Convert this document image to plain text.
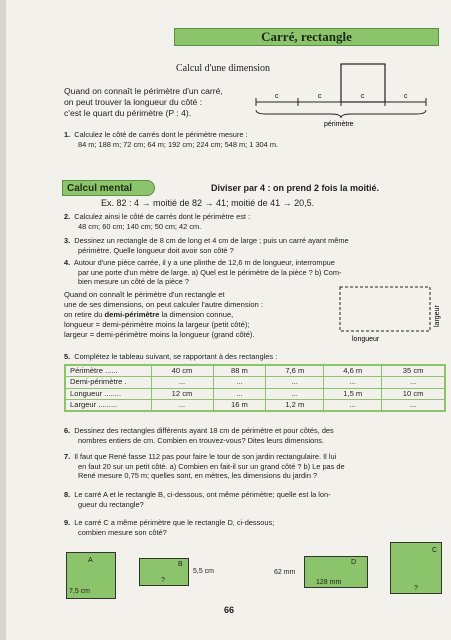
Carré, rectangle
Calcul d'une dimension
Quand on connaît le périmètre d'un carré,
on peut trouver la longueur du côté :
c'est le quart du périmètre (P : 4).
c	c	c	c
périmètre
1. Calculez le côté de carrés dont le périmètre mesure :
84 m; 188 m; 72 cm; 64 m; 192 cm; 224 cm; 548 m; 1 304 m.
Calcul mental	Diviser par 4 : on prend 2 fois la moitié.
Ex. 82 : 4 → moitié de 82 → 41; moitié de 41 → 20,5.
2. Calculez ainsi le côté de carrés dont le périmètre est :
48 cm; 60 cm; 140 cm; 50 cm; 42 cm.
3. Dessinez un rectangle de 8 cm de long et 4 cm de large ; puis un carré ayant même
périmètre. Quelle longueur doit avoir son côté ?
4. Autour d'une pièce carrée, il y a une plinthe de 12,6 m de longueur, interrompue
par une porte d'un mètre de large. a) Quel est le périmètre de la pièce ? b) Com-
bien mesure un côté de la pièce ?
Quand on connaît le périmètre d'un rectangle et
une de ses dimensions, on peut calculer l'autre dimension :
on retire du demi-périmètre la dimension connue,
longueur = demi-périmètre moins la largeur (petit côté);
largeur = demi-périmètre moins la longueur (grand côté).
longueur
largeur
5. Complétez le tableau suivant, se rapportant à des rectangles :
Périmètre ......	40 cm	88 m	7,6 m	4,6 m	35 cm
Demi-périmètre .	...	...	...	...	...
Longueur ........	12 cm	...	...	1,5 m	10 cm
Largeur .........	...	16 m	1,2 m	...	...
6. Dessinez des rectangles différents ayant 18 cm de périmètre et pour côtés, des
nombres entiers de cm. Combien en trouvez-vous? Dites leurs dimensions.
7. Il faut que René fasse 112 pas pour faire le tour de son jardin rectangulaire. Il lui
en faut 20 sur un petit côté. a) Combien en fait-il sur un grand côté ? b) Le pas de
René mesure 0,75 m; quelles sont, en mètres, les dimensions du jardin ?
8. Le carré A et le rectangle B, ci-dessous, ont même périmètre; quelle est la lon-
gueur du rectangle?
9. Le carré C a même périmètre que le rectangle D, ci-dessous;
combien mesure son côté?
A
7,5 cm
B
?
5,5 cm
D
62 mm
128 mm
C
?
66
